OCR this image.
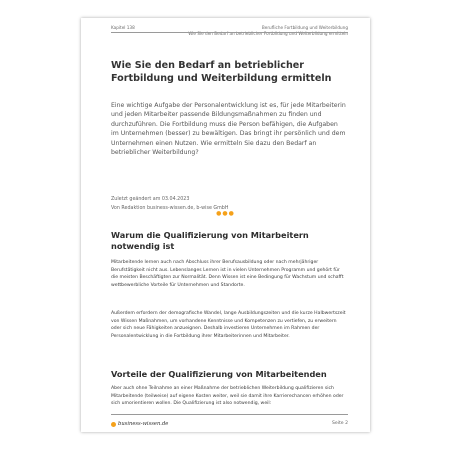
Kapitel 138	Berufliche Fortbildung und Weiterbildung
Wie Sie den Bedarf an betrieblicher Fortbildung und Weiterbildung ermitteln
Wie Sie den Bedarf an betrieblicher Fortbildung und Weiterbildung ermitteln
Eine wichtige Aufgabe der Personalentwicklung ist es, für jede Mitarbeiterin und jeden Mitarbeiter passende Bildungsmaßnahmen zu finden und durchzuführen. Die Fortbildung muss die Person befähigen, die Aufgaben im Unternehmen (besser) zu bewältigen. Das bringt ihr persönlich und dem Unternehmen einen Nutzen. Wie ermitteln Sie dazu den Bedarf an betrieblicher Weiterbildung?
Zuletzt geändert am 03.04.2023
Von Redaktion business-wissen.de, b-wise GmbH
●●●
Warum die Qualifizierung von Mitarbeitern notwendig ist
Mitarbeitende lernen auch nach Abschluss ihrer Berufsausbildung oder nach mehrjähriger Berufstätigkeit nicht aus. Lebenslanges Lernen ist in vielen Unternehmen Programm und gehört für die meisten Beschäftigten zur Normalität. Denn Wissen ist eine Bedingung für Wachstum und schafft wettbewerbliche Vorteile für Unternehmen und Standorte.
Außerdem erfordern der demografische Wandel, lange Ausbildungszeiten und die kurze Halbwertszeit von Wissen Maßnahmen, um vorhandene Kenntnisse und Kompetenzen zu vertiefen, zu erweitern oder sich neue Fähigkeiten anzueignen. Deshalb investieren Unternehmen im Rahmen der Personalentwicklung in die Fortbildung ihrer Mitarbeiterinnen und Mitarbeiter.
Vorteile der Qualifizierung von Mitarbeitenden
Aber auch ohne Teilnahme an einer Maßnahme der betrieblichen Weiterbildung qualifizieren sich Mitarbeitende (teilweise) auf eigene Kosten weiter, weil sie damit ihre Karrierechancen erhöhen oder sich umorientieren wollen. Die Qualifizierung ist also notwendig, weil:
business-wissen.de	Seite 2
